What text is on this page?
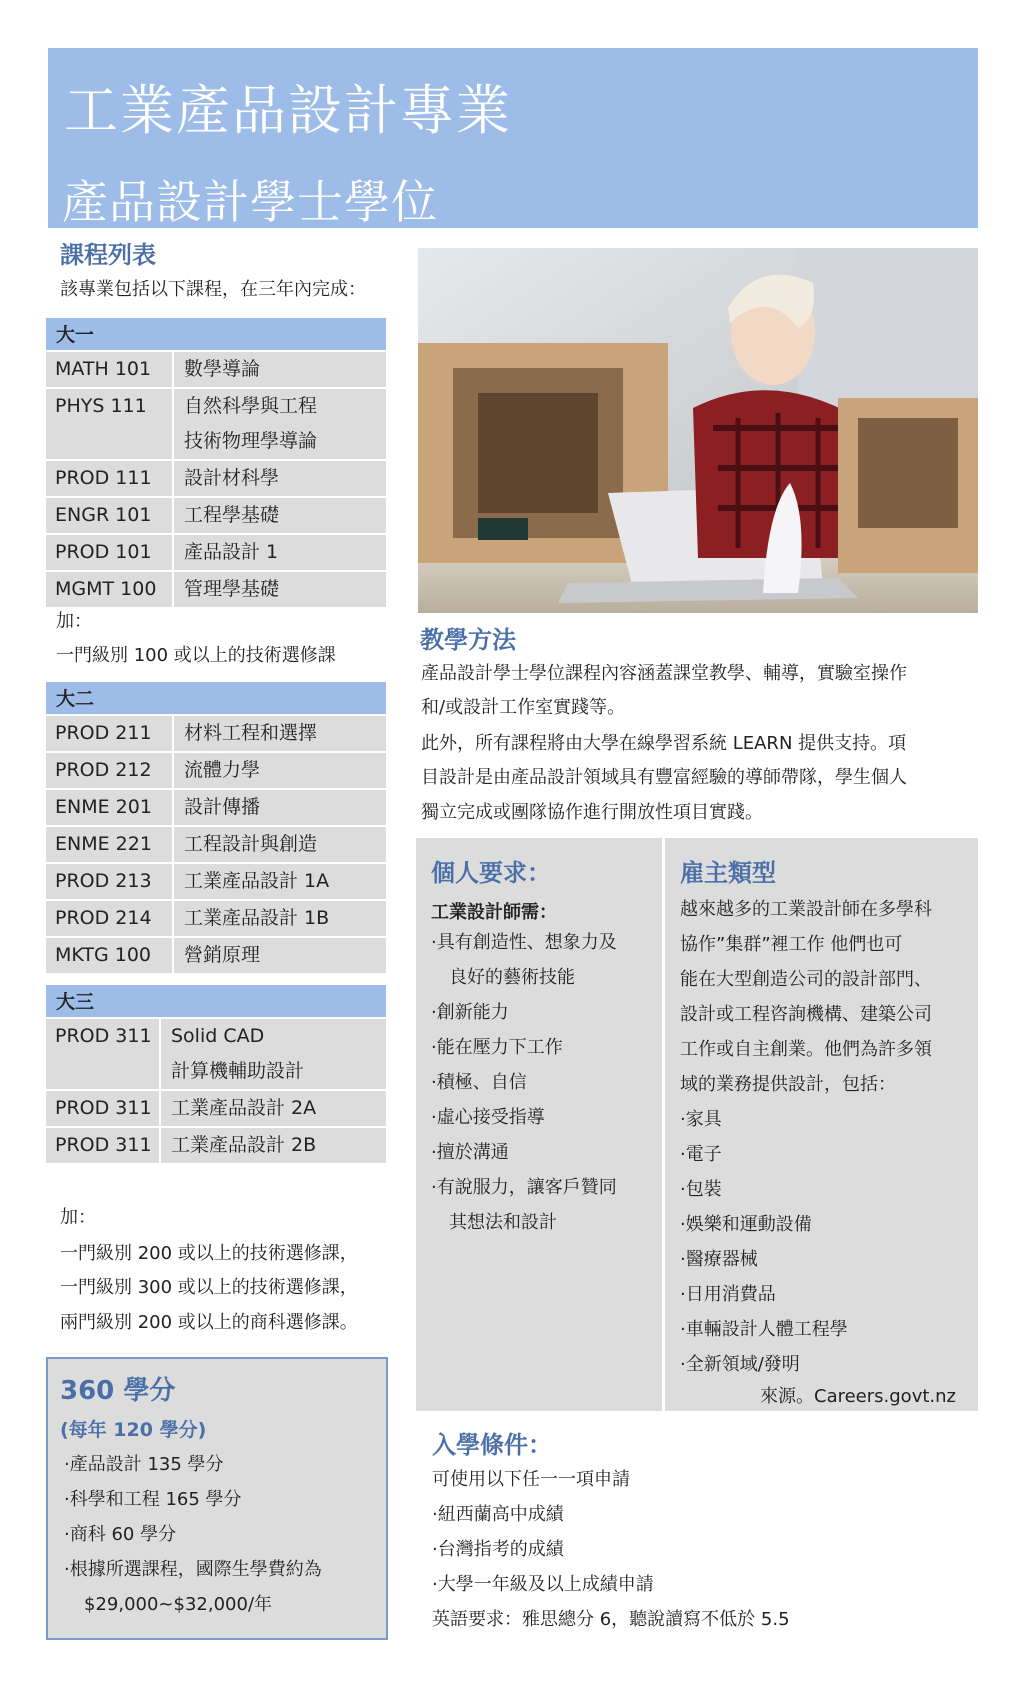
工業產品設計專業
產品設計學士學位
課程列表
該專業包括以下課程，在三年內完成：
大一
MATH 101	數學導論
PHYS 111	自然科學與工程
技術物理學導論
PROD 111	設計材科學
ENGR 101	工程學基礎
PROD 101	產品設計 1
MGMT 100	管理學基礎
加：
一門級別 100 或以上的技術選修課
大二
PROD 211	材料工程和選擇
PROD 212	流體力學
ENME 201	設計傳播
ENME 221	工程設計與創造
PROD 213	工業產品設計 1A
PROD 214	工業產品設計 1B
MKTG 100	營銷原理
大三
PROD 311	Solid CAD
計算機輔助設計
PROD 311	工業產品設計 2A
PROD 311	工業產品設計 2B
加：
一門級別 200 或以上的技術選修課，
一門級別 300 或以上的技術選修課，
兩門級別 200 或以上的商科選修課。
360 學分
(每年 120 學分)
·產品設計 135 學分
·科學和工程 165 學分
·商科 60 學分
·根據所選課程，國際生學費約為
$29,000~$32,000/年
教學方法
產品設計學士學位課程內容涵蓋課堂教學、輔導，實驗室操作
和/或設計工作室實踐等。
此外，所有課程將由大學在線學習系統 LEARN 提供支持。項
目設計是由產品設計領域具有豐富經驗的導師帶隊，學生個人
獨立完成或團隊協作進行開放性項目實踐。
個人要求：
工業設計師需：
·具有創造性、想象力及
　良好的藝術技能
·創新能力
·能在壓力下工作
·積極、自信
·虛心接受指導
·擅於溝通
·有說服力，讓客戶贊同
　其想法和設計
雇主類型
越來越多的工業設計師在多學科
協作”集群”裡工作 他們也可
能在大型創造公司的設計部門、
設計或工程咨詢機構、建築公司
工作或自主創業。他們為許多領
域的業務提供設計，包括：
·家具
·電子
·包裝
·娛樂和運動設備
·醫療器械
·日用消費品
·車輛設計人體工程學
·全新領域/發明
來源。Careers.govt.nz
入學條件：
可使用以下任一一項申請
·紐西蘭高中成績
·台灣指考的成績
·大學一年級及以上成績申請
英語要求：雅思總分 6，聽說讀寫不低於 5.5
